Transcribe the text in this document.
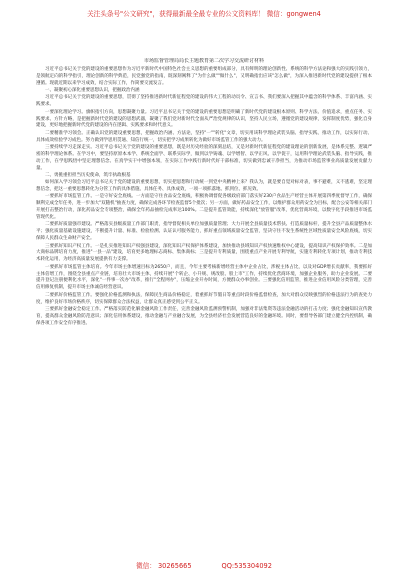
关注头条号"公文研究"，获得最新最全最专业的公文资料库！ 微信：gongwen4
市场监督管理局局长主题教育第二次学习交流研讨材料

习近平总书记关于党的建设的重要思想作为习近平新时代中国特色社会主义思想的重要组成部分，具有鲜明的理论创新性、系统的科学方法论和强大的实践引领力，是领航定向的科学指引，理论创新的科学典范，民党强党的指南，既深刻阐释了"为什么做""做什么"，又明确指出应该"怎么做"，为深入推进新时代党的建设提供了根本遵循。现就近期以来学习成效，结合实际工作，作简要交流发言。

一、凝聚初心深化重要思想认识，把握政治内涵

习近平总书记关于党的建设的重要思想，贯彻了坚持推进新时代新征程党的建设的伟大工程的动员令、宣言书、我们要深入把握其中蕴含的科学体系、丰富内涵、实践要求。

一要深化理论学习。旗帜指引方向，思想凝聚力量。习近平总书记关于党的建设的重要思想是明确了新时代党的建设根本原则、科学方法、价值追求，重点任务、实践要求、方针方略，是把握新时代党的建设的思想武器，凝聚了我们党对新时代全面从严治党规律的认识，坚持人民立场，遵循党的建设规律，发挥制度优势，强化自身建设，更好地把握新时代党的建设的内在逻辑、实践要求和时代意义。

二要精准学习领会。正确认识党的建设重要思想，把握政治内涵、方法论，坚持"一""转化"文章，切实用该科学理论武装头脑、指导实践、推动工作，以实际行动、具体成效检验学习成色。努力做到学思用贯通、知信行统一，切实把学习成果转化为做好市场监管工作的强大动力。

三要持续学习走深走实。习近平总书记关于党的建设的重要思想，既是对历史经验的深刻总结，又是对新时代新征程党的建设理论的创新发展，是体系完整、逻辑严密的科学理论体系。在学习中，要坚持原原本本学、系统全面学、联系实际学，做到以学铸魂、以学增智、以学正风、以学促干，运用科学理论武装头脑、指导实践，推动工作，在学思践悟中坚定理想信念、在真学实干中增强本领，在实际工作中践行新时代好干部标准，切实做到忠诚干净担当，为推动市场监管事业高质量发展贡献力量。

二、勇挑重担担当历史使命，筑牢执政根基

如何深入学习领会习近平总书记关于党的建设的重要思想，切实把思想和行动统一到党中央精神上来？我认为，就是要自觉对标对表，事不避难，义不逃难，坚定理想信念，把这一重要思想转化为分管工作的具体措施、具体任务、具体成效，一项一项抓落地、抓到位、抓见效。

一要抓好市场监管工作。一是守好安全底线。一方面是守住食品安全底线，积极协调督促各级政府部门落实好230户食品生产经营主体开展第四季度督导工作，确保顺利完成全年任务，进一步加大"双随机"抽查力度，确保完成各环节检查监督5个批次；另一方面，做好药品安全工作，以维护群众用药安全为目标，配合公安等相关部门开展打击整治行动，深化药品安全专项整治，确保全年药品抽检完成率达100%。二是提升监管效能，持续深化"放管服"改革，优化营商环境，以数字化手段推进市场监管现代化。

二要抓好质量强市建设。严格落实县级质量工作部门职责，指导督促相关单位加强质量管理；大力开展全县质量技术帮扶、打造质量标杆，提升全县产品质量整体水平；强化质量基础设施建设，不断提升计量、标准、检验检测、认证认可服务能力，抓好重点领域质量安全监管，坚决守住不发生系统性区域性质量安全风险底线，切实保障人民群众生命财产安全。

三要抓好知识产权工作。一是扎实推进知识产权强县建设，深化知识产权保护体系建设，加快推动县域知识产权快速维权中心建设，提高知识产权保护效率。二是加大商标品牌培育力度，推进"一县一品"建设，培育更多地理标志商标、集体商标；三是提升专利质量，围绕重点产业开展专利导航，实施专利转化专项计划，推动专利技术转化运用，为经济高质量发展提供有力支撑。

一要抓好市场监管主体培育。今年市场主体增速目标为2650户，而且，今年主要考核新增经营主体中企业占比，涉税主体占比，以及对GDP增长贡献率，我要抓好主体倍增工作，围绕全县重点产业链，培育壮大市场主体，持续开展"个转企、小升规、规改股、股上市"工作，持续优化营商环境，加强企业服务，助力企业发展。二要提升登记注册便利化水平，深化"一件事一次办"改革，推行"全程网办"，压缩企业开办时间，方便群众办事创业。三要强化信用监管，推进企业信用风险分类管理，完善信用修复机制，提升市场主体诚信经营意识。

二要抓好价格监管工作。要强化价格监测和执法，保障民生商品价格稳定，着重抓好节假日等重点时段价格监督检查，加大对群众反映强烈的价格违法行为的查处力度，维护良好市场价格秩序，切实保障群众合法权益，让群众真正感受到公平正义。

三要抓好金融安全稳定工作。严格落实防范化解金融风险工作责任，完善金融风险监测预警机制，加强对非法集资等违法金融活动的打击力度；强化金融知识宣传教育，提高群众金融风险防范意识；深化信用体系建设，推动金融与产业融合发展，为全县经济社会发展营造良好的金融环境。同时，要督导各部门建立健全内控机制，确保各项工作安全有序推进。

微信： 30265665	QQ:535304092
